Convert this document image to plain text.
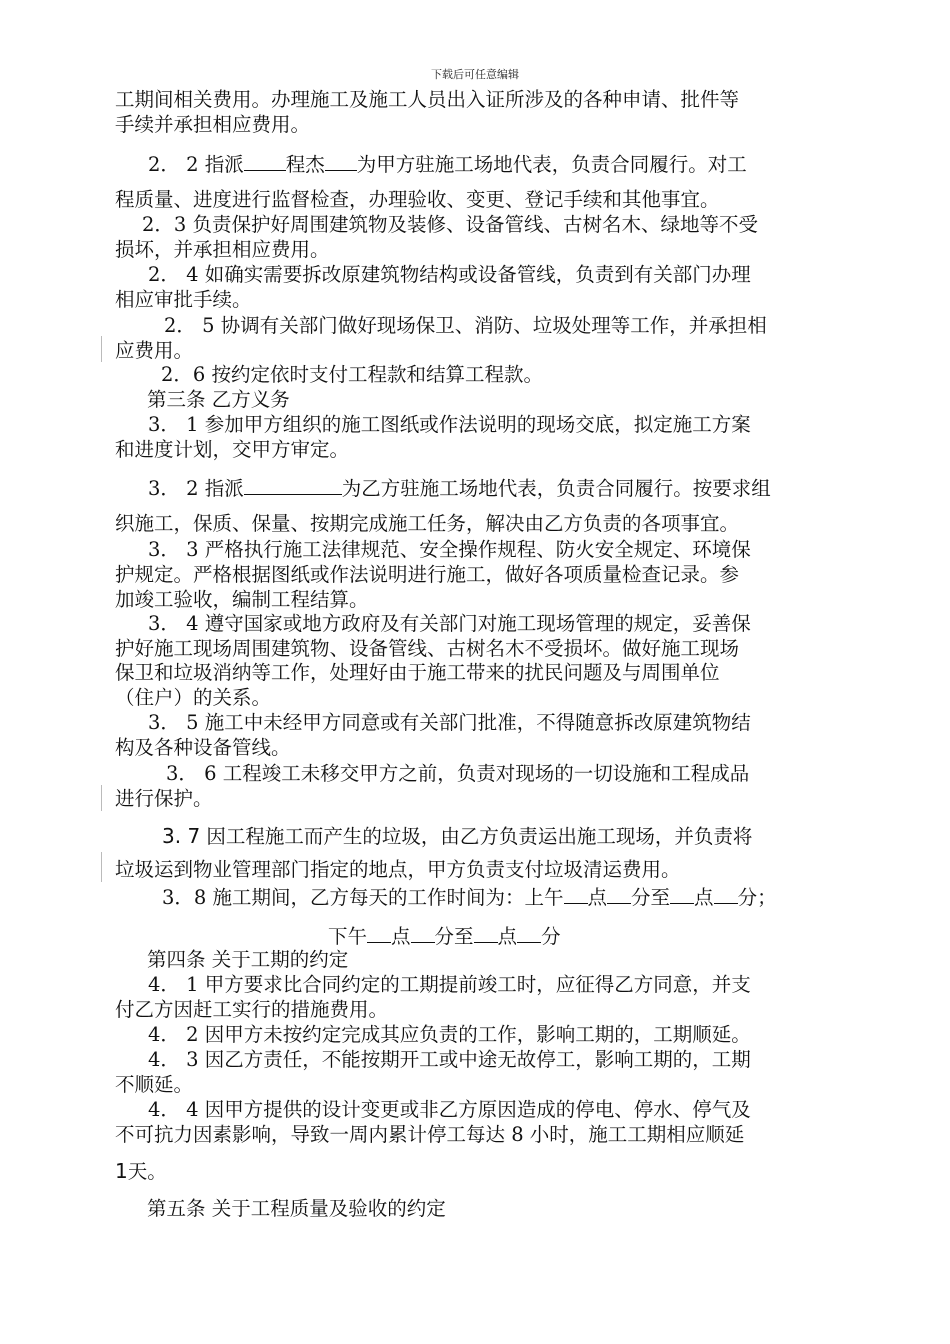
下载后可任意编辑
工期间相关费用。办理施工及施工人员出入证所涉及的各种申请、批件等
手续并承担相应费用。
2． 2 指派 程杰 为甲方驻施工场地代表，负责合同履行。对工
程质量、进度进行监督检查，办理验收、变更、登记手续和其他事宜。
2．3 负责保护好周围建筑物及装修、设备管线、古树名木、绿地等不受
损坏，并承担相应费用。
2． 4 如确实需要拆改原建筑物结构或设备管线，负责到有关部门办理
相应审批手续。
2． 5 协调有关部门做好现场保卫、消防、垃圾处理等工作，并承担相
应费用。
2．6 按约定依时支付工程款和结算工程款。
第三条 乙方义务
3． 1 参加甲方组织的施工图纸或作法说明的现场交底，拟定施工方案
和进度计划，交甲方审定。
3． 2 指派	为乙方驻施工场地代表，负责合同履行。按要求组
织施工，保质、保量、按期完成施工任务，解决由乙方负责的各项事宜。
3． 3 严格执行施工法律规范、安全操作规程、防火安全规定、环境保
护规定。严格根据图纸或作法说明进行施工，做好各项质量检查记录。参
加竣工验收，编制工程结算。
3． 4 遵守国家或地方政府及有关部门对施工现场管理的规定，妥善保
护好施工现场周围建筑物、设备管线、古树名木不受损坏。做好施工现场
保卫和垃圾消纳等工作，处理好由于施工带来的扰民问题及与周围单位
（住户）的关系。
3． 5 施工中未经甲方同意或有关部门批准，不得随意拆改原建筑物结
构及各种设备管线。
3． 6 工程竣工未移交甲方之前，负责对现场的一切设施和工程成品
进行保护。
3. 7 因工程施工而产生的垃圾，由乙方负责运出施工现场，并负责将
垃圾运到物业管理部门指定的地点，甲方负责支付垃圾清运费用。
3．8 施工期间，乙方每天的工作时间为：上午 点 分至 点 分；
下午 点 分至 点 分
第四条 关于工期的约定
4． 1 甲方要求比合同约定的工期提前竣工时，应征得乙方同意，并支
付乙方因赶工实行的措施费用。
4． 2 因甲方未按约定完成其应负责的工作，影响工期的，工期顺延。
4． 3 因乙方责任，不能按期开工或中途无故停工，影响工期的，工期
不顺延。
4． 4 因甲方提供的设计变更或非乙方原因造成的停电、停水、停气及
不可抗力因素影响，导致一周内累计停工每达 8 小时，施工工期相应顺延
1天。
第五条 关于工程质量及验收的约定
